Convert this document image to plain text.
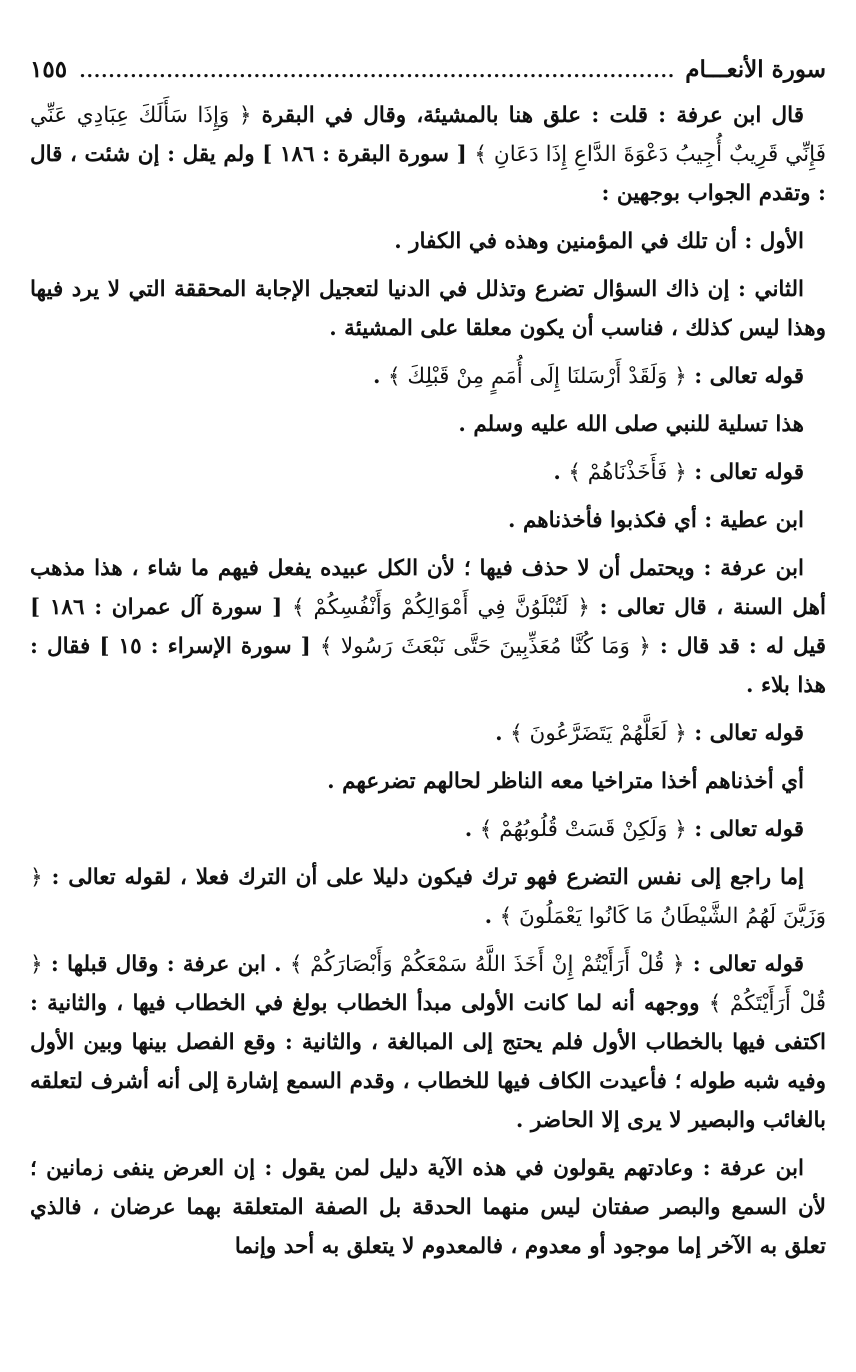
سورة الأنعـــام
..................................................................................
١٥٥

قال ابن عرفة : قلت : علق هنا بالمشيئة، وقال في البقرة ﴿ وَإِذَا سَأَلَكَ عِبَادِي عَنِّي فَإِنِّي قَرِيبٌ أُجِيبُ دَعْوَةَ الدَّاعِ إِذَا دَعَانِ ﴾ [ سورة البقرة : ١٨٦ ] ولم يقل : إن شئت ، قال : وتقدم الجواب بوجهين :

الأول : أن تلك في المؤمنين وهذه في الكفار .

الثاني : إن ذاك السؤال تضرع وتذلل في الدنيا لتعجيل الإجابة المحققة التي لا يرد فيها وهذا ليس كذلك ، فناسب أن يكون معلقا على المشيئة .

قوله تعالى : ﴿ وَلَقَدْ أَرْسَلنَا إِلَى أُمَمٍ مِنْ قَبْلِكَ ﴾ .

هذا تسلية للنبي صلى الله عليه وسلم .

قوله تعالى : ﴿ فَأَخَذْنَاهُمْ ﴾ .

ابن عطية : أي فكذبوا فأخذناهم .

ابن عرفة : ويحتمل أن لا حذف فيها ؛ لأن الكل عبيده يفعل فيهم ما شاء ، هذا مذهب أهل السنة ، قال تعالى : ﴿ لَتُبْلَوُنَّ فِي أَمْوَالِكُمْ وَأَنْفُسِكُمْ ﴾ [ سورة آل عمران : ١٨٦ ] قيل له : قد قال : ﴿ وَمَا كُنَّا مُعَذِّبِينَ حَتَّى نَبْعَثَ رَسُولا ﴾ [ سورة الإسراء : ١٥ ] فقال : هذا بلاء .

قوله تعالى : ﴿ لَعَلَّهُمْ يَتَضَرَّعُونَ ﴾ .

أي أخذناهم أخذا متراخيا معه الناظر لحالهم تضرعهم .

قوله تعالى : ﴿ وَلَكِنْ قَسَتْ قُلُوبُهُمْ ﴾ .

إما راجع إلى نفس التضرع فهو ترك فيكون دليلا على أن الترك فعلا ، لقوله تعالى : ﴿ وَزَيَّنَ لَهُمُ الشَّيْطَانُ مَا كَانُوا يَعْمَلُونَ ﴾ .

قوله تعالى : ﴿ قُلْ أَرَأَيْتُمْ إِنْ أَخَذَ اللَّهُ سَمْعَكُمْ وَأَبْصَارَكُمْ ﴾ . ابن عرفة : وقال قبلها : ﴿ قُلْ أَرَأَيْتَكُمْ ﴾ ووجهه أنه لما كانت الأولى مبدأ الخطاب بولغ في الخطاب فيها ، والثانية : اكتفى فيها بالخطاب الأول فلم يحتج إلى المبالغة ، والثانية : وقع الفصل بينها وبين الأول وفيه شبه طوله ؛ فأعيدت الكاف فيها للخطاب ، وقدم السمع إشارة إلى أنه أشرف لتعلقه بالغائب والبصير لا يرى إلا الحاضر .

ابن عرفة : وعادتهم يقولون في هذه الآية دليل لمن يقول : إن العرض ينفى زمانين ؛ لأن السمع والبصر صفتان ليس منهما الحدقة بل الصفة المتعلقة بهما عرضان ، فالذي تعلق به الآخر إما موجود أو معدوم ، فالمعدوم لا يتعلق به أحد وإنما
